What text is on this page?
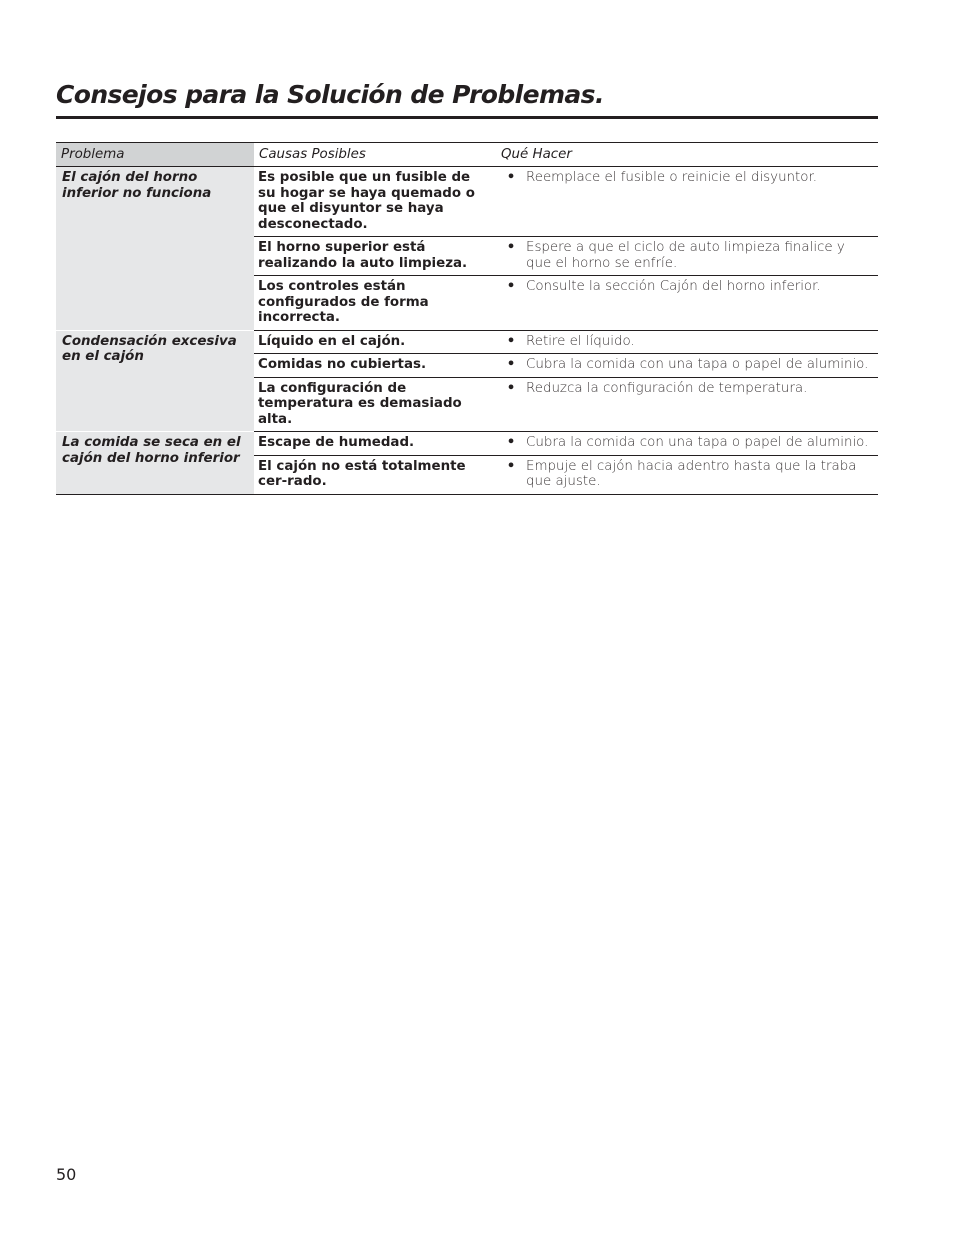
Consejos para la Solución de Problemas.
Problema	Causas Posibles	Qué Hacer
El cajón del horno inferior no funciona	Es posible que un fusible de su hogar se haya quemado o que el disyuntor se haya desconectado.	• Reemplace el fusible o reinicie el disyuntor.

	El horno superior está realizando la auto limpieza.	• Espere a que el ciclo de auto limpieza finalice y que el horno se enfríe.

	Los controles están configurados de forma incorrecta.	• Consulte la sección Cajón del horno inferior.

Condensación excesiva en el cajón	Líquido en el cajón.	• Retire el líquido.

	Comidas no cubiertas.	• Cubra la comida con una tapa o papel de aluminio.

	La configuración de temperatura es demasiado alta.	• Reduzca la configuración de temperatura.

La comida se seca en el cajón del horno inferior	Escape de humedad.	• Cubra la comida con una tapa o papel de aluminio.

	El cajón no está totalmente cer-rado.	• Empuje el cajón hacia adentro hasta que la traba que ajuste.
50
